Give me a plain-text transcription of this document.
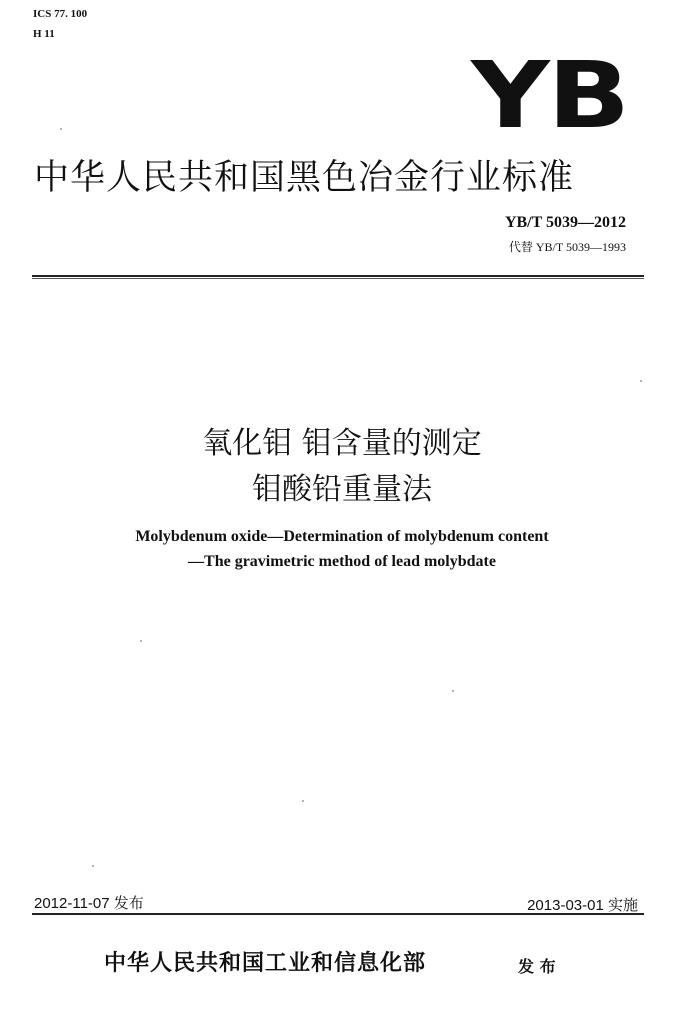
ICS 77. 100
H 11
YB
中华人民共和国黑色冶金行业标准
YB/T 5039—2012
代替 YB/T 5039—1993
氧化钼 钼含量的测定
钼酸铅重量法
Molybdenum oxide—Determination of molybdenum content
—The gravimetric method of lead molybdate
2012-11-07 发布	2013-03-01 实施
中华人民共和国工业和信息化部	发 布
